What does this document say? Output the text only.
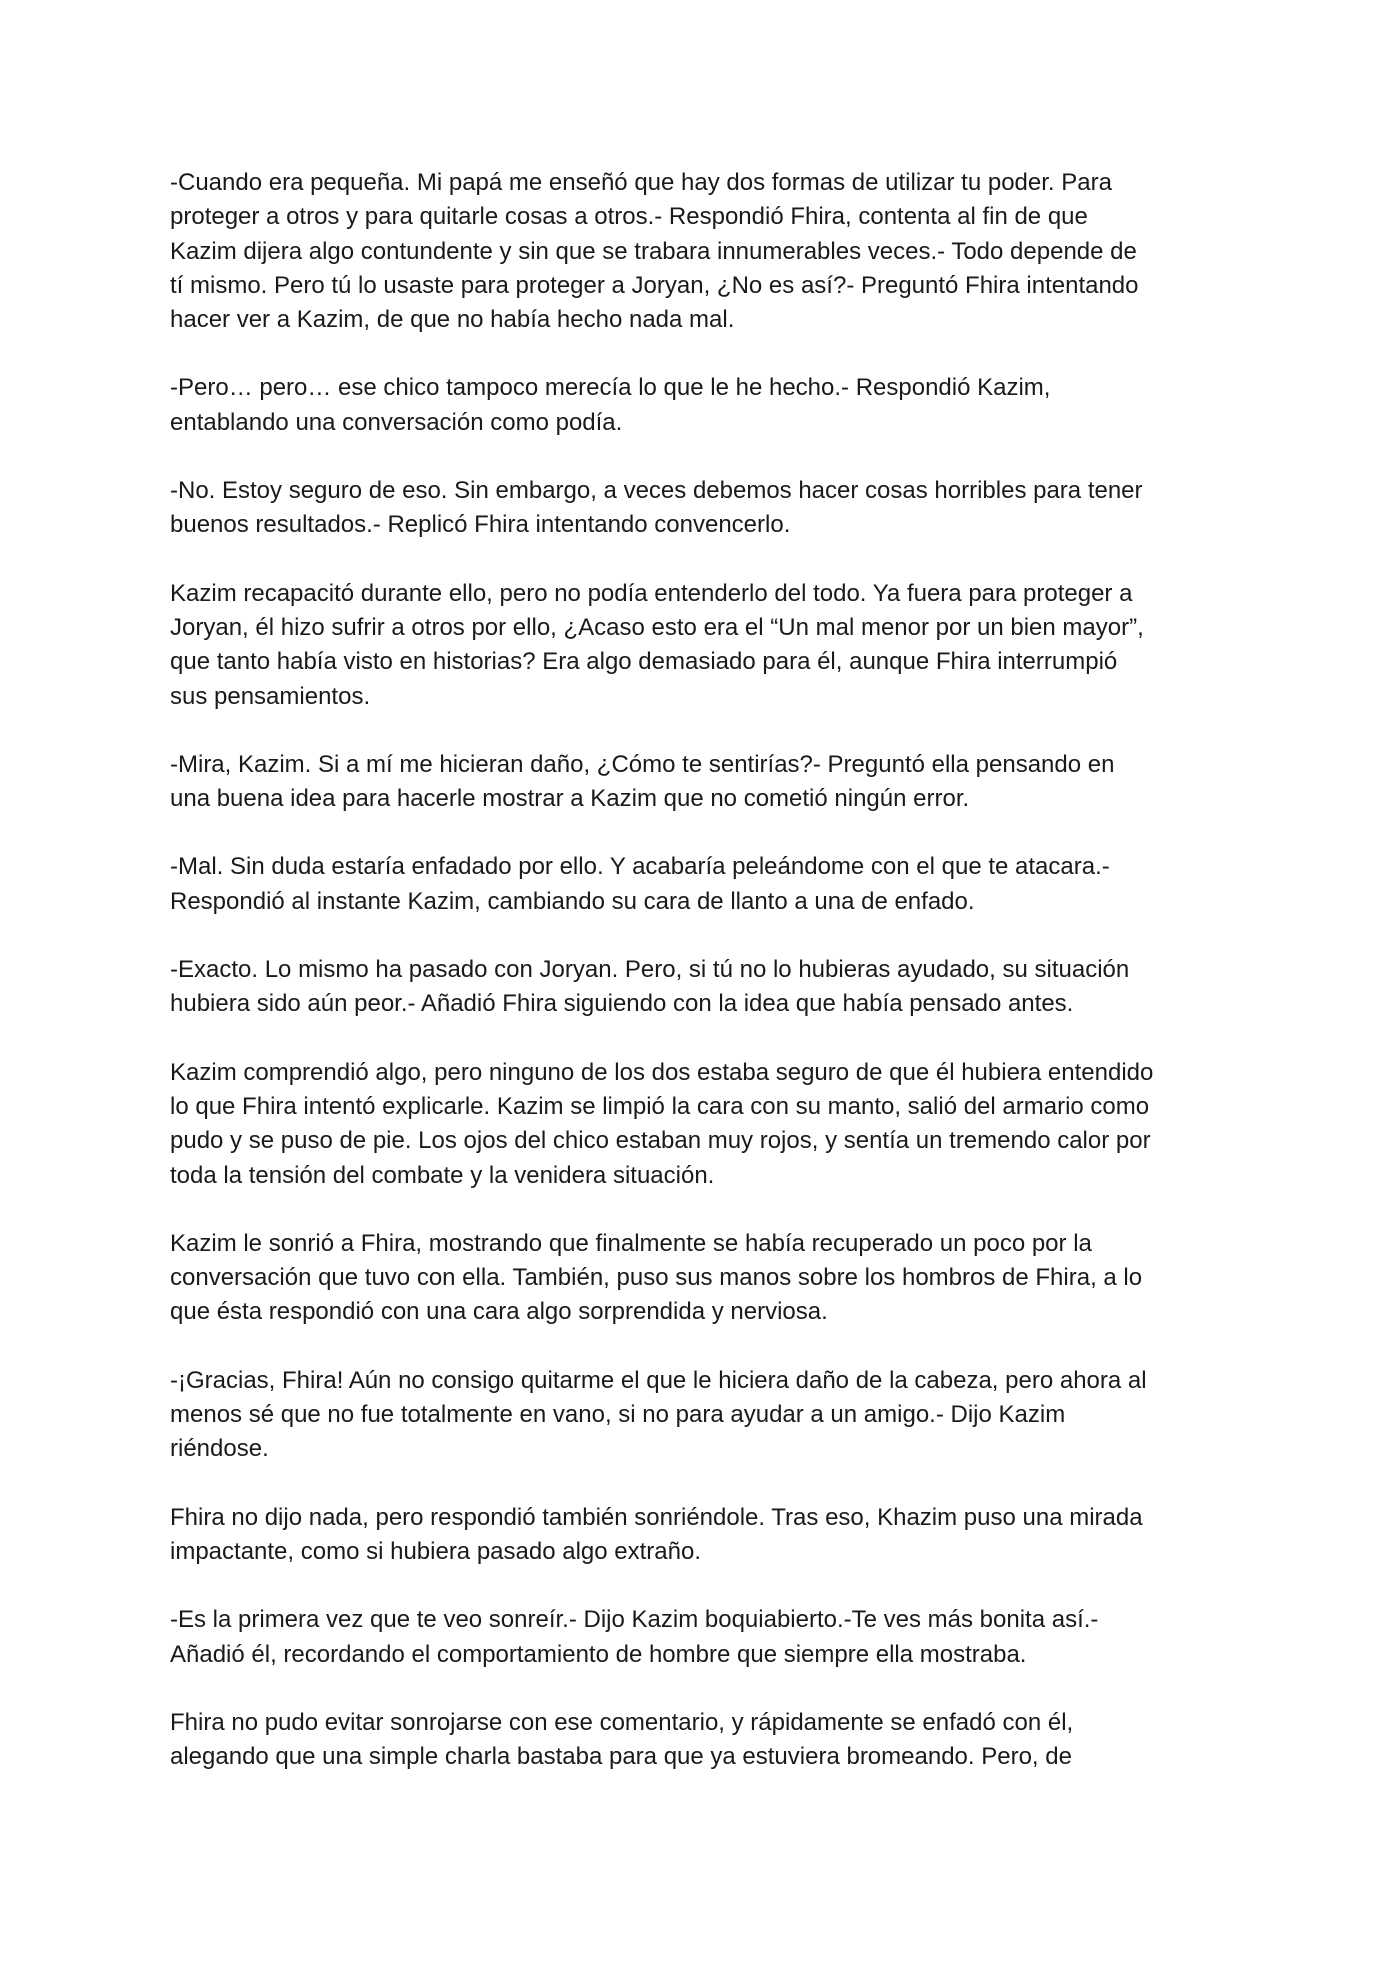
-Cuando era pequeña. Mi papá me enseñó que hay dos formas de utilizar tu poder. Para
proteger a otros y para quitarle cosas a otros.- Respondió Fhira, contenta al fin de que
Kazim dijera algo contundente y sin que se trabara innumerables veces.- Todo depende de
tí mismo. Pero tú lo usaste para proteger a Joryan, ¿No es así?- Preguntó Fhira intentando
hacer ver a Kazim, de que no había hecho nada mal.

-Pero… pero… ese chico tampoco merecía lo que le he hecho.- Respondió Kazim,
entablando una conversación como podía.

-No. Estoy seguro de eso. Sin embargo, a veces debemos hacer cosas horribles para tener
buenos resultados.- Replicó Fhira intentando convencerlo.

Kazim recapacitó durante ello, pero no podía entenderlo del todo. Ya fuera para proteger a
Joryan, él hizo sufrir a otros por ello, ¿Acaso esto era el “Un mal menor por un bien mayor”,
que tanto había visto en historias? Era algo demasiado para él, aunque Fhira interrumpió
sus pensamientos.

-Mira, Kazim. Si a mí me hicieran daño, ¿Cómo te sentirías?- Preguntó ella pensando en
una buena idea para hacerle mostrar a Kazim que no cometió ningún error.

-Mal. Sin duda estaría enfadado por ello. Y acabaría peleándome con el que te atacara.-
Respondió al instante Kazim, cambiando su cara de llanto a una de enfado.

-Exacto. Lo mismo ha pasado con Joryan. Pero, si tú no lo hubieras ayudado, su situación
hubiera sido aún peor.- Añadió Fhira siguiendo con la idea que había pensado antes.

Kazim comprendió algo, pero ninguno de los dos estaba seguro de que él hubiera entendido
lo que Fhira intentó explicarle. Kazim se limpió la cara con su manto, salió del armario como
pudo y se puso de pie. Los ojos del chico estaban muy rojos, y sentía un tremendo calor por
toda la tensión del combate y la venidera situación.

Kazim le sonrió a Fhira, mostrando que finalmente se había recuperado un poco por la
conversación que tuvo con ella. También, puso sus manos sobre los hombros de Fhira, a lo
que ésta respondió con una cara algo sorprendida y nerviosa.

-¡Gracias, Fhira! Aún no consigo quitarme el que le hiciera daño de la cabeza, pero ahora al
menos sé que no fue totalmente en vano, si no para ayudar a un amigo.- Dijo Kazim
riéndose.

Fhira no dijo nada, pero respondió también sonriéndole. Tras eso, Khazim puso una mirada
impactante, como si hubiera pasado algo extraño.

-Es la primera vez que te veo sonreír.- Dijo Kazim boquiabierto.-Te ves más bonita así.-
Añadió él, recordando el comportamiento de hombre que siempre ella mostraba.

Fhira no pudo evitar sonrojarse con ese comentario, y rápidamente se enfadó con él,
alegando que una simple charla bastaba para que ya estuviera bromeando. Pero, de
